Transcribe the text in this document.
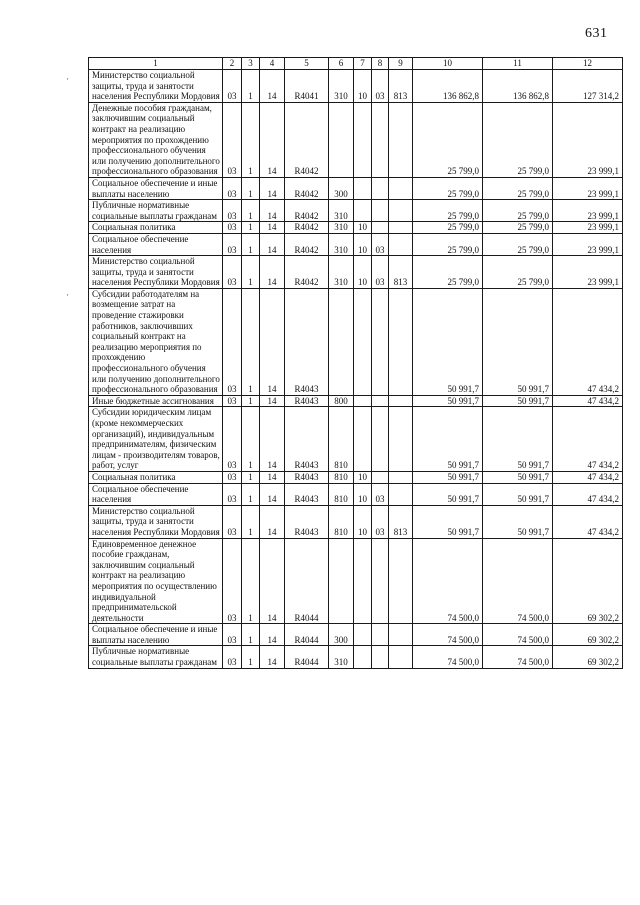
631
·
·
1	2	3	4	5	6	7	8	9	10	11	12
Министерство социальной защиты, труда и занятости населения Республики Мордовия	03	1	14	R4041	310	10	03	813	136 862,8	136 862,8	127 314,2
Денежные пособия гражданам, заключившим социальный контракт на реализацию мероприятия по прохождению профессионального обучения или получению дополнительного профессионального образования	03	1	14	R4042					25 799,0	25 799,0	23 999,1
Социальное обеспечение и иные выплаты населению	03	1	14	R4042	300				25 799,0	25 799,0	23 999,1
Публичные нормативные социальные выплаты гражданам	03	1	14	R4042	310				25 799,0	25 799,0	23 999,1
Социальная политика	03	1	14	R4042	310	10			25 799,0	25 799,0	23 999,1
Социальное обеспечение населения	03	1	14	R4042	310	10	03		25 799,0	25 799,0	23 999,1
Министерство социальной защиты, труда и занятости населения Республики Мордовия	03	1	14	R4042	310	10	03	813	25 799,0	25 799,0	23 999,1
Субсидии работодателям на возмещение затрат на проведение стажировки работников, заключивших социальный контракт на реализацию мероприятия по прохождению профессионального обучения или получению дополнительного профессионального образования	03	1	14	R4043					50 991,7	50 991,7	47 434,2
Иные бюджетные ассигнования	03	1	14	R4043	800				50 991,7	50 991,7	47 434,2
Субсидии юридическим лицам (кроме некоммерческих организаций), индивидуальным предпринимателям, физическим лицам - производителям товаров, работ, услуг	03	1	14	R4043	810				50 991,7	50 991,7	47 434,2
Социальная политика	03	1	14	R4043	810	10			50 991,7	50 991,7	47 434,2
Социальное обеспечение населения	03	1	14	R4043	810	10	03		50 991,7	50 991,7	47 434,2
Министерство социальной защиты, труда и занятости населения Республики Мордовия	03	1	14	R4043	810	10	03	813	50 991,7	50 991,7	47 434,2
Единовременное денежное пособие гражданам, заключившим социальный контракт на реализацию мероприятия по осуществлению индивидуальной предпринимательской деятельности	03	1	14	R4044					74 500,0	74 500,0	69 302,2
Социальное обеспечение и иные выплаты населению	03	1	14	R4044	300				74 500,0	74 500,0	69 302,2
Публичные нормативные социальные выплаты гражданам	03	1	14	R4044	310				74 500,0	74 500,0	69 302,2
